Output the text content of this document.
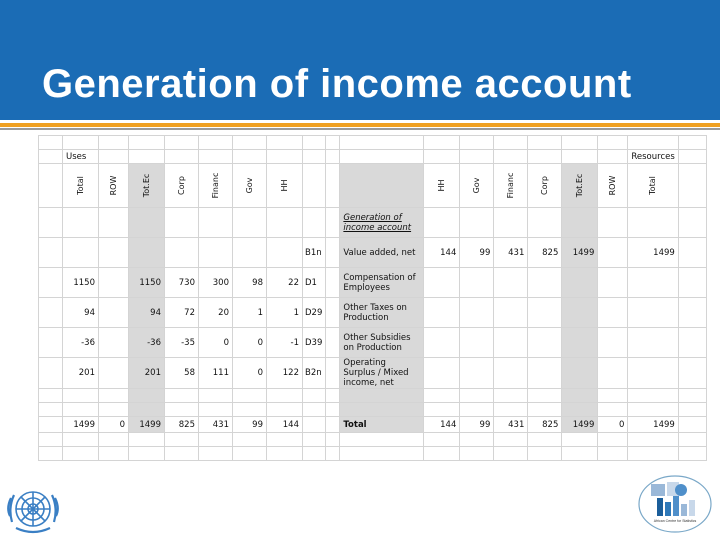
Generation of income account

	Uses																Resources	

	Total	ROW	Tot.Ec	Corp	Financ	Gov	HH				HH	Gov	Financ	Corp	Tot.Ec	ROW	Total	

										Generation of income account								
								B1n		Value added, net	144	99	431	825	1499		1499	
	1150		1150	730	300	98	22	D1		Compensation of Employees								
	94		94	72	20	1	1	D29		Other Taxes on Production								
	-36		-36	-35	0	0	-1	D39		Other Subsidies on Production								
	201		201	58	111	0	122	B2n		Operating Surplus / Mixed income, net								

	1499	0	1499	825	431	99	144			Total	144	99	431	825	1499	0	1499	

African Centre for Statistics
